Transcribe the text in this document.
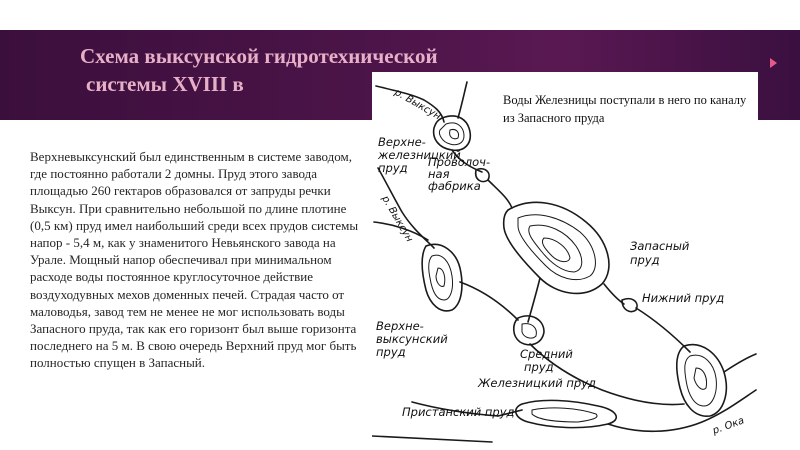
Схема выксунской гидротехнической
системы XVIII в
Верхневыксунский был единственным в системе заводом, где постоянно работали 2 домны. Пруд этого завода площадью 260 гектаров образовался от запруды речки Выксун. При сравнительно небольшой по длине плотине (0,5 км) пруд имел наибольший среди всех прудов системы напор - 5,4 м, как у знаменитого Невьянского завода на Урале. Мощный напор обеспечивал при минимальном расходе воды постоянное круглосуточное действие воздуходувных мехов доменных печей. Страдая часто от маловодья, завод тем не менее не мог использовать воды Запасного пруда, так как его горизонт был выше горизонта последнего на 5 м. В свою очередь Верхний пруд мог быть полностью спущен в Запасный.
р. Выксун
Верхне-
железницкий
пруд Проволоч-
ная
фабрика
р. Выксун
Запасный
пруд
Нижний пруд
Верхне-
выксунский
пруд	Средний
пруд
Железницкий пруд
Пристанский пруд
р. Ока
Воды Железницы поступали в него по каналу из Запасного пруда
